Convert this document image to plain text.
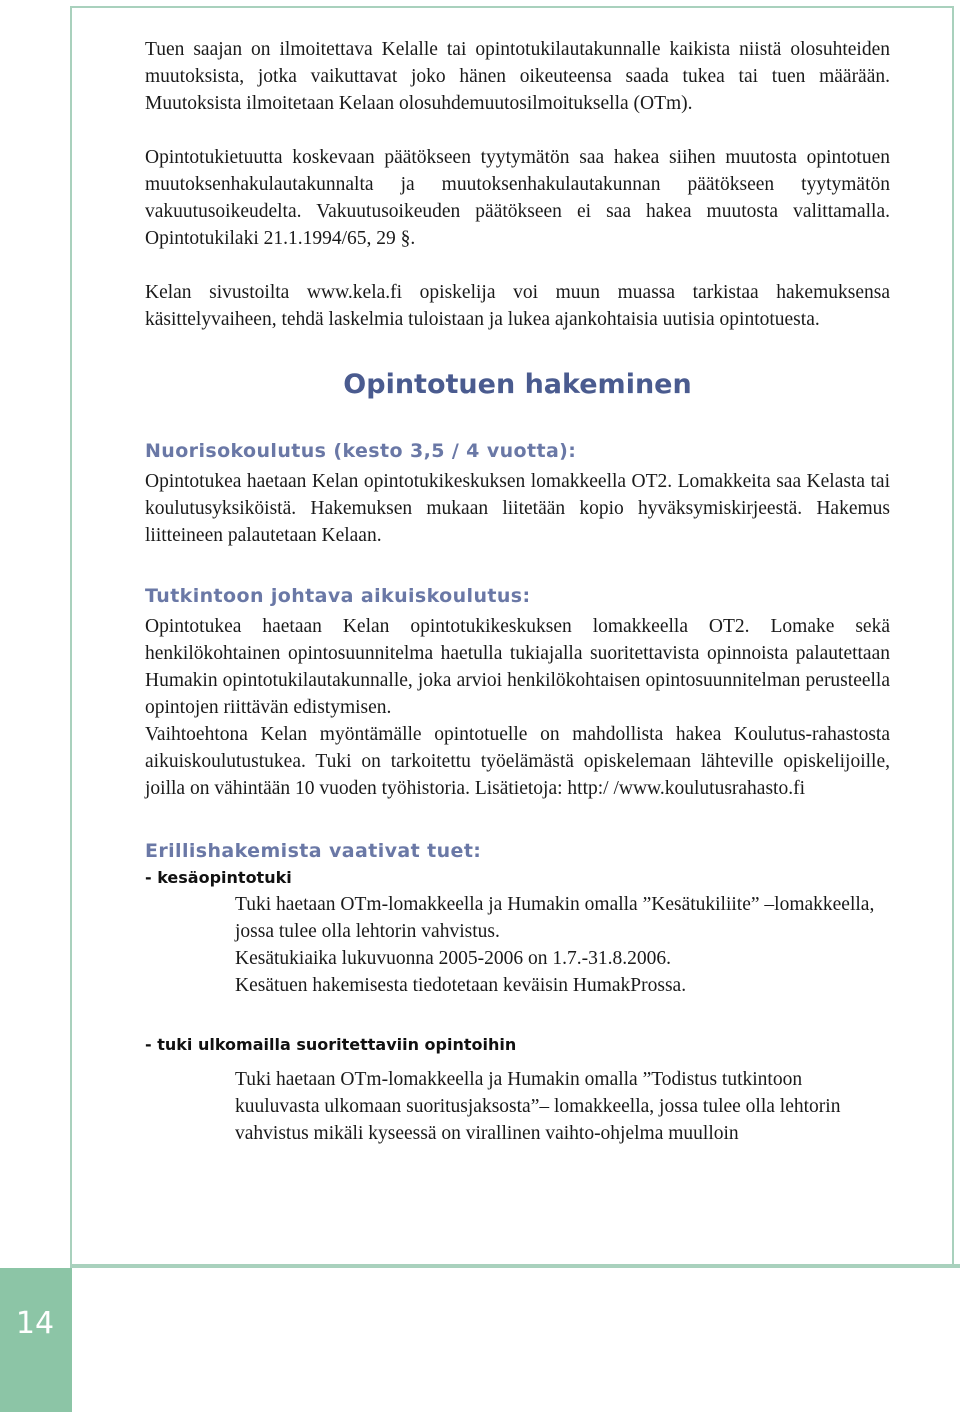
14

Tuen saajan on ilmoitettava Kelalle tai opintotukilautakunnalle kaikista niistä olosuhteiden muutoksista, jotka vaikuttavat joko hänen oikeuteensa saada tukea tai tuen määrään. Muutoksista ilmoitetaan Kelaan olosuhdemuutosilmoituksella (OTm).

Opintotukietuutta koskevaan päätökseen tyytymätön saa hakea siihen muutosta opintotuen muutoksenhakulautakunnalta ja muutoksenhakulautakunnan päätökseen tyytymätön vakuutusoikeudelta. Vakuutusoikeuden päätökseen ei saa hakea muutosta valittamalla. Opintotukilaki 21.1.1994/65, 29 §.

Kelan sivustoilta www.kela.fi opiskelija voi muun muassa tarkistaa hakemuksensa käsittelyvaiheen, tehdä laskelmia tuloistaan ja lukea ajankohtaisia uutisia opintotuesta.

Opintotuen hakeminen
Nuorisokoulutus (kesto 3,5 / 4 vuotta):

Opintotukea haetaan Kelan opintotukikeskuksen lomakkeella OT2. Lomakkeita saa Kelasta tai koulutusyksiköistä. Hakemuksen mukaan liitetään kopio hyväksymiskirjeestä. Hakemus liitteineen palautetaan Kelaan.

Tutkintoon johtava aikuiskoulutus:

Opintotukea haetaan Kelan opintotukikeskuksen lomakkeella OT2. Lomake sekä henkilökohtainen opintosuunnitelma haetulla tukiajalla suoritettavista opinnoista palautettaan Humakin opintotukilautakunnalle, joka arvioi henkilökohtaisen opintosuunnitelman perusteella opintojen riittävän edistymisen.

Vaihtoehtona Kelan myöntämälle opintotuelle on mahdollista hakea Koulutus-rahastosta aikuiskoulutustukea. Tuki on tarkoitettu työelämästä opiskelemaan lähteville opiskelijoille, joilla on vähintään 10 vuoden työhistoria. Lisätietoja: http:/ /www.koulutusrahasto.fi

Erillishakemista vaativat tuet:
- kesäopintotuki

Tuki haetaan OTm-lomakkeella ja Humakin omalla ”Kesätukiliite” –lomakkeella, jossa tulee olla lehtorin vahvistus.

Kesätukiaika lukuvuonna 2005-2006 on 1.7.-31.8.2006.

Kesätuen hakemisesta tiedotetaan keväisin HumakProssa.

- tuki ulkomailla suoritettaviin opintoihin

Tuki haetaan OTm-lomakkeella ja Humakin omalla ”Todistus tutkintoon kuuluvasta ulkomaan suoritusjaksosta”– lomakkeella, jossa tulee olla lehtorin vahvistus mikäli kyseessä on virallinen vaihto-ohjelma muulloin
